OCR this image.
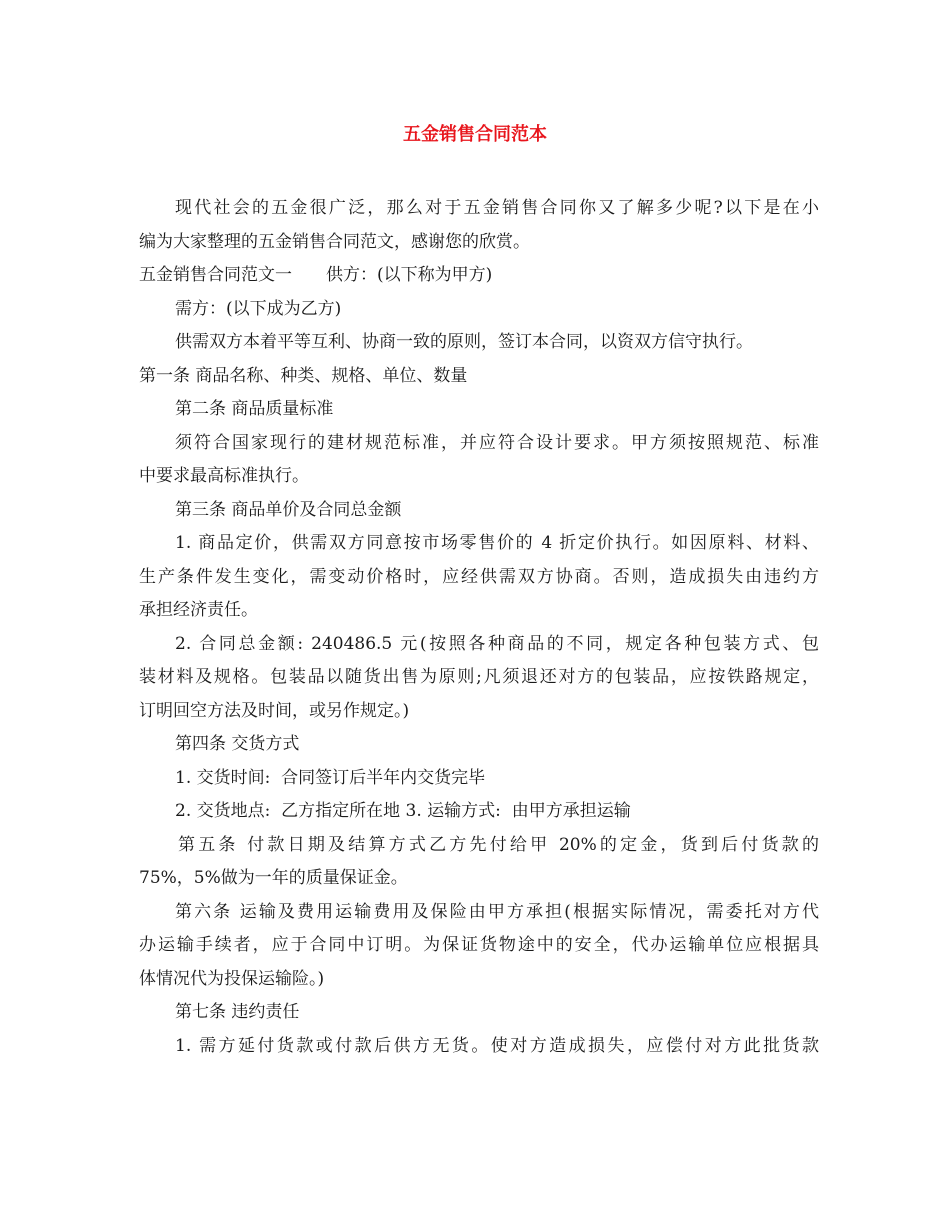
五金销售合同范本
现代社会的五金很广泛，那么对于五金销售合同你又了解多少呢?以下是在小
编为大家整理的五金销售合同范文，感谢您的欣赏。
五金销售合同范文一　　供方：(以下称为甲方)
需方：(以下成为乙方)
供需双方本着平等互利、协商一致的原则，签订本合同，以资双方信守执行。
第一条 商品名称、种类、规格、单位、数量
第二条 商品质量标准
须符合国家现行的建材规范标准，并应符合设计要求。甲方须按照规范、标准
中要求最高标准执行。
第三条 商品单价及合同总金额
1. 商品定价，供需双方同意按市场零售价的 4 折定价执行。如因原料、材料、
生产条件发生变化，需变动价格时，应经供需双方协商。否则，造成损失由违约方
承担经济责任。
2. 合同总金额: 240486.5 元(按照各种商品的不同，规定各种包装方式、包
装材料及规格。包装品以随货出售为原则;凡须退还对方的包装品，应按铁路规定，
订明回空方法及时间，或另作规定。)
第四条 交货方式
1. 交货时间:  合同签订后半年内交货完毕
2. 交货地点:  乙方指定所在地 3. 运输方式:  由甲方承担运输
第五条 付款日期及结算方式乙方先付给甲 20%的定金，货到后付货款的
75%，5%做为一年的质量保证金。
第六条 运输及费用运输费用及保险由甲方承担(根据实际情况，需委托对方代
办运输手续者，应于合同中订明。为保证货物途中的安全，代办运输单位应根据具
体情况代为投保运输险。)
第七条 违约责任
1. 需方延付货款或付款后供方无货。使对方造成损失，应偿付对方此批货款
